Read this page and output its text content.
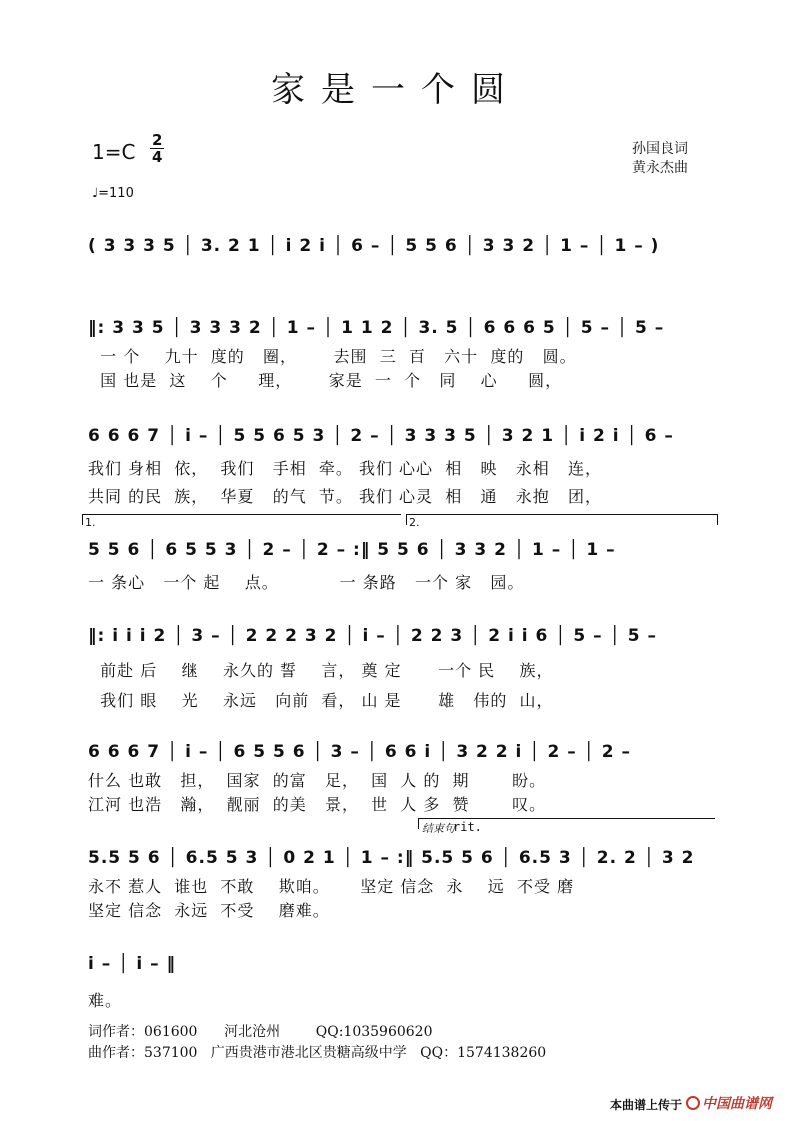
家是一个圆
1=C 2
4
♩=110
孙国良词
黄永杰曲
( 3 3 3 5 │ 3. 2 1 │ i 2 i │ 6 – │ 5 5 6 │ 3 3 2 │ 1 – │ 1 – )
‖: 3 3 5 │ 3 3 3 2 │ 1 – │ 1 1 2 │ 3. 5 │ 6 6 6 5 │ 5 – │ 5 –
一 个    九十  度的   圈，      去围  三  百   六十  度的   圆。
国 也是  这    个     理，      家是  一  个   同    心     圆，
6 6 6 7 │ i – │ 5 5 6 5 3 │ 2 – │ 3 3 3 5 │ 3 2 1 │ i 2 i │ 6 –
我们 身相  依，  我们   手相  牵。 我们 心心  相   映   永相   连，
共同 的民  族，  华夏   的气  节。 我们 心灵  相   通   永抱   团，
1.	2.
5 5 6 │ 6 5 5 3 │ 2 – │ 2 – :‖ 5 5 6 │ 3 3 2 │ 1 – │ 1 –
一 条心   一个 起    点。          一 条路   一个 家   园。
‖: i i i 2 │ 3 – │ 2 2 2 3 2 │ i – │ 2 2 3 │ 2 i i 6 │ 5 – │ 5 –
前赴 后    继    永久的 誓    言， 奠 定      一个 民    族，
我们 眼    光    永远   向前  看， 山 是      雄   伟的  山，
6 6 6 7 │ i – │ 6 5 5 6 │ 3 – │ 6 6 i │ 3 2 2 i │ 2 – │ 2 –
什么 也敢   担，  国家  的富   足，  国  人 的  期       盼。
江河 也浩   瀚，  靓丽  的美   景，  世  人 多  赞       叹。
结束句
rit.
5.5 5 6 │ 6.5 5 3 │ 0 2 1 │ 1 – :‖ 5.5 5 6 │ 6.5 3 │ 2. 2 │ 3 2
永不 惹人  谁也  不敢    欺咱。     坚定 信念  永    远  不受 磨
坚定 信念  永远  不受    磨难。
i – │ i – ‖
难。
词作者：061600      河北沧州        QQ:1035960620
曲作者：537100   广西贵港市港北区贵糖高级中学   QQ：1574138260
本曲谱上传于 中国曲谱网
